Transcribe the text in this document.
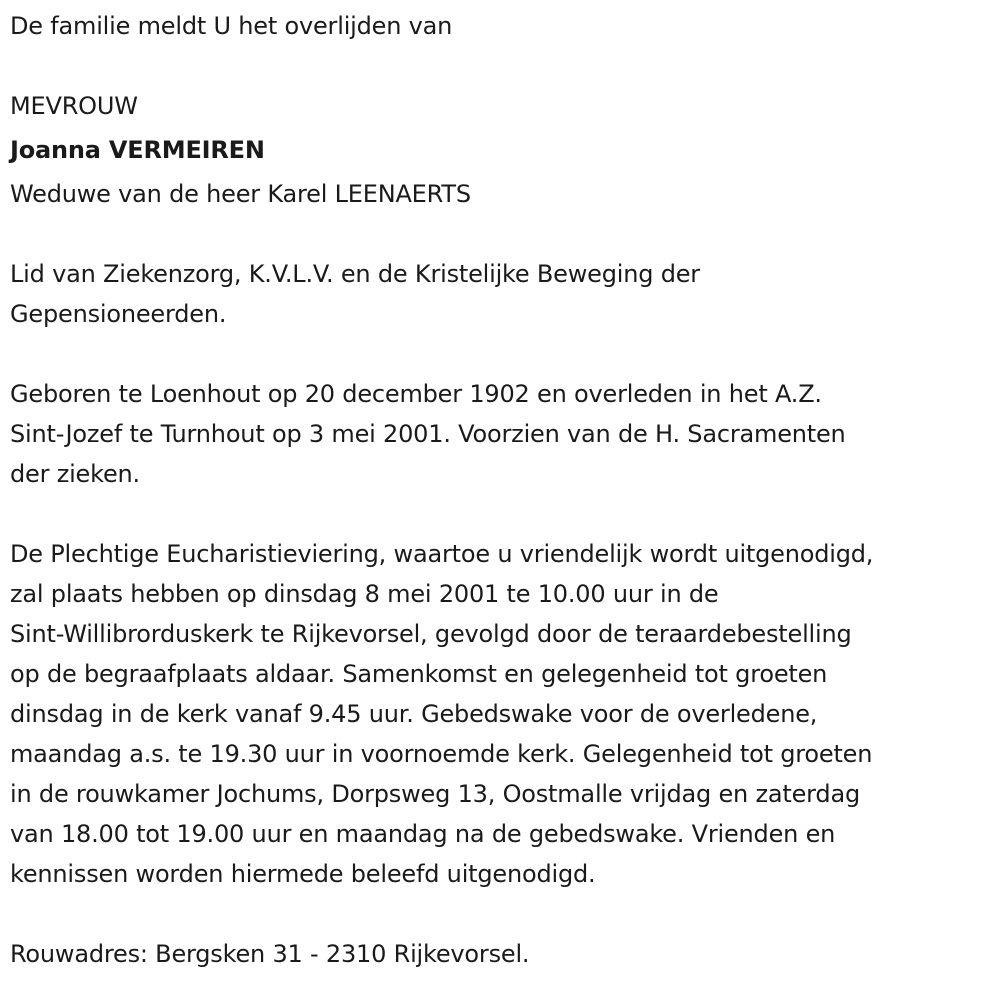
De familie meldt U het overlijden van
MEVROUW
Joanna VERMEIREN
Weduwe van de heer Karel LEENAERTS
Lid van Ziekenzorg, K.V.L.V. en de Kristelijke Beweging der
Gepensioneerden.
Geboren te Loenhout op 20 december 1902 en overleden in het A.Z.
Sint-Jozef te Turnhout op 3 mei 2001. Voorzien van de H. Sacramenten
der zieken.
De Plechtige Eucharistieviering, waartoe u vriendelijk wordt uitgenodigd,
zal plaats hebben op dinsdag 8 mei 2001 te 10.00 uur in de
Sint-Willibrorduskerk te Rijkevorsel, gevolgd door de teraardebestelling
op de begraafplaats aldaar. Samenkomst en gelegenheid tot groeten
dinsdag in de kerk vanaf 9.45 uur. Gebedswake voor de overledene,
maandag a.s. te 19.30 uur in voornoemde kerk. Gelegenheid tot groeten
in de rouwkamer Jochums, Dorpsweg 13, Oostmalle vrijdag en zaterdag
van 18.00 tot 19.00 uur en maandag na de gebedswake. Vrienden en
kennissen worden hiermede beleefd uitgenodigd.
Rouwadres: Bergsken 31 - 2310 Rijkevorsel.
